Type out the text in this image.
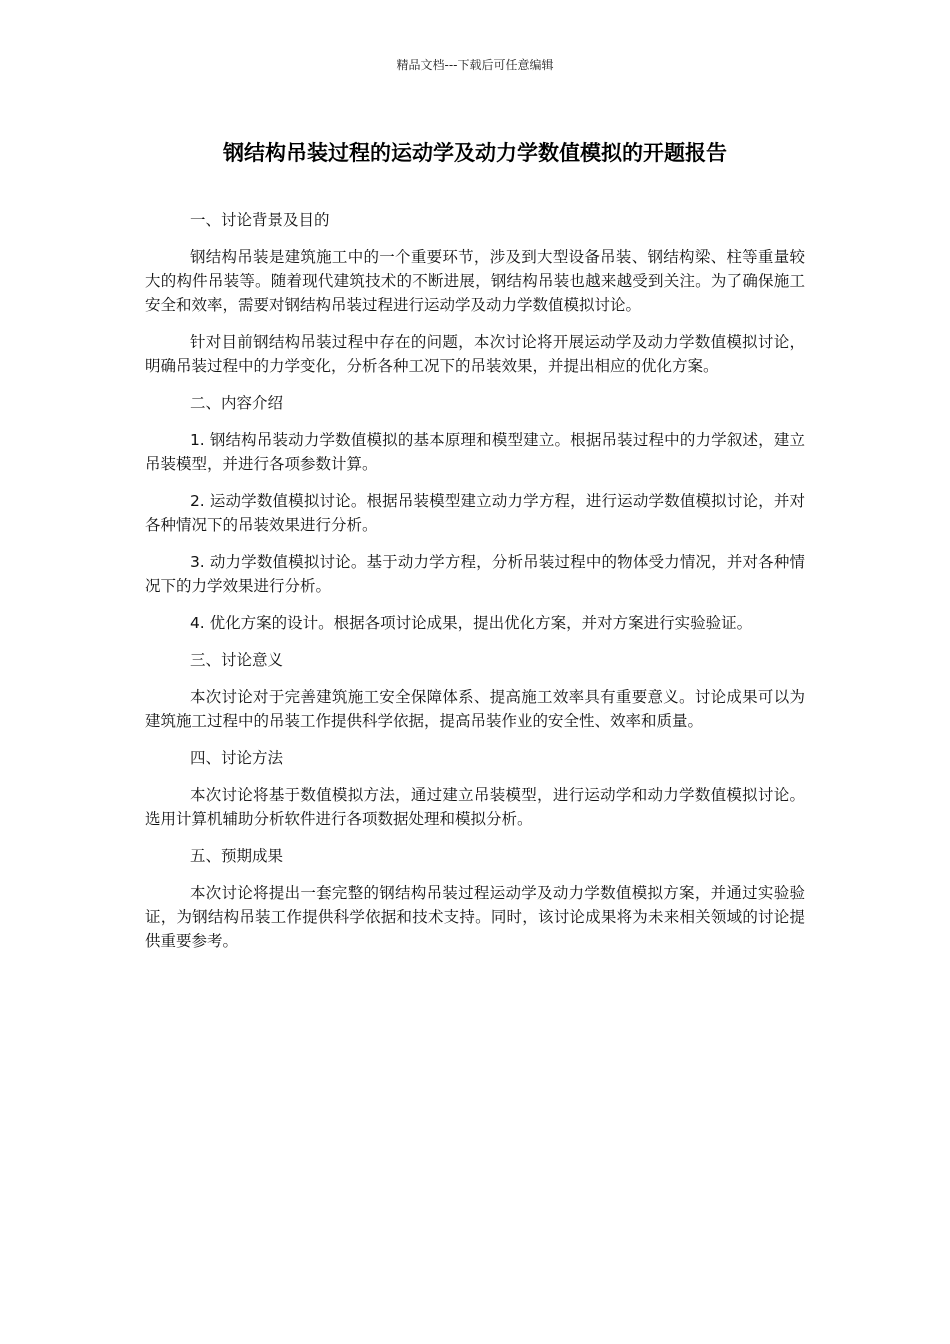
精品文档---下载后可任意编辑
钢结构吊装过程的运动学及动力学数值模拟的开题报告

一、讨论背景及目的

钢结构吊装是建筑施工中的一个重要环节，涉及到大型设备吊装、钢结构梁、柱等重量较大的构件吊装等。随着现代建筑技术的不断进展，钢结构吊装也越来越受到关注。为了确保施工安全和效率，需要对钢结构吊装过程进行运动学及动力学数值模拟讨论。

针对目前钢结构吊装过程中存在的问题，本次讨论将开展运动学及动力学数值模拟讨论，明确吊装过程中的力学变化，分析各种工况下的吊装效果，并提出相应的优化方案。

二、内容介绍

1. 钢结构吊装动力学数值模拟的基本原理和模型建立。根据吊装过程中的力学叙述，建立吊装模型，并进行各项参数计算。

2. 运动学数值模拟讨论。根据吊装模型建立动力学方程，进行运动学数值模拟讨论，并对各种情况下的吊装效果进行分析。

3. 动力学数值模拟讨论。基于动力学方程，分析吊装过程中的物体受力情况，并对各种情况下的力学效果进行分析。

4. 优化方案的设计。根据各项讨论成果，提出优化方案，并对方案进行实验验证。

三、讨论意义

本次讨论对于完善建筑施工安全保障体系、提高施工效率具有重要意义。讨论成果可以为建筑施工过程中的吊装工作提供科学依据，提高吊装作业的安全性、效率和质量。

四、讨论方法

本次讨论将基于数值模拟方法，通过建立吊装模型，进行运动学和动力学数值模拟讨论。选用计算机辅助分析软件进行各项数据处理和模拟分析。

五、预期成果

本次讨论将提出一套完整的钢结构吊装过程运动学及动力学数值模拟方案，并通过实验验证，为钢结构吊装工作提供科学依据和技术支持。同时，该讨论成果将为未来相关领域的讨论提供重要参考。
